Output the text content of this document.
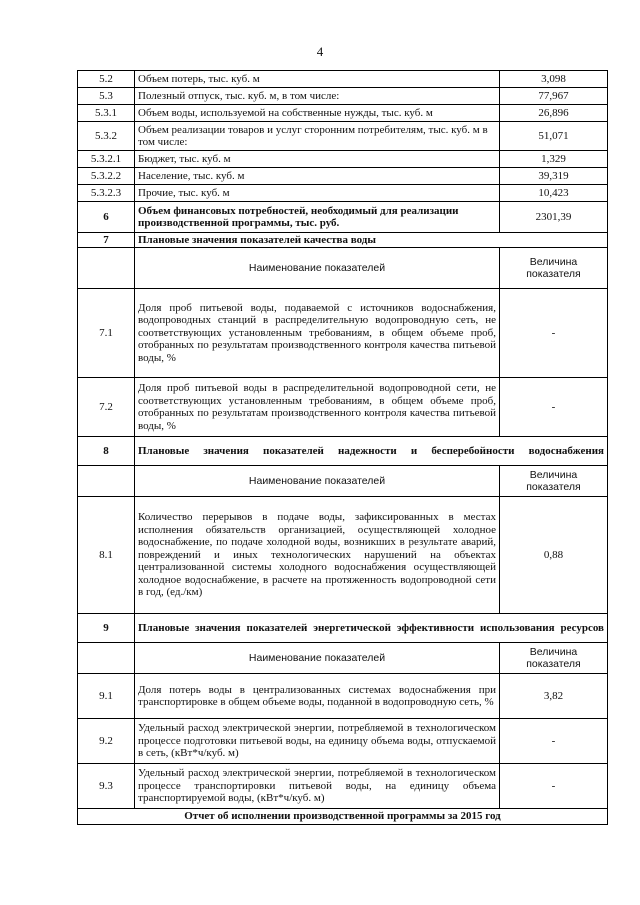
4
5.2	Объем потерь, тыс. куб. м	3,098
5.3	Полезный отпуск, тыс. куб. м, в том числе:	77,967
5.3.1	Объем воды, используемой на собственные нужды, тыс. куб. м	26,896
5.3.2	Объем реализации товаров и услуг сторонним потребителям, тыс. куб. м в том числе:	51,071
5.3.2.1	Бюджет, тыс. куб. м	1,329
5.3.2.2	Население, тыс. куб. м	39,319
5.3.2.3	Прочие, тыс. куб. м	10,423
6	Объем финансовых потребностей, необходимый для реализации производственной программы, тыс. руб.	2301,39
7	Плановые значения показателей качества воды	
	Наименование показателей	Величина показателя
7.1	Доля проб питьевой воды, подаваемой с источников водоснабжения, водопроводных станций в распределительную водопроводную сеть, не соответствующих установленным требованиям, в общем объеме проб, отобранных по результатам производственного контроля качества питьевой воды, %	-
7.2	Доля проб питьевой воды в распределительной водопроводной сети, не соответствующих установленным требованиям, в общем объеме проб, отобранных по результатам производственного контроля качества питьевой воды, %	-
8	Плановые значения показателей надежности и бесперебойности водоснабжения	
	Наименование показателей	Величина показателя
8.1	Количество перерывов в подаче воды, зафиксированных в местах исполнения обязательств организацией, осуществляющей холодное водоснабжение, по подаче холодной воды, возникших в результате аварий, повреждений и иных технологических нарушений на объектах централизованной системы холодного водоснабжения осуществляющей холодное водоснабжение, в расчете на протяженность водопроводной сети в год, (ед./км)	0,88
9	Плановые значения показателей энергетической эффективности использования ресурсов	
	Наименование показателей	Величина показателя
9.1	Доля потерь воды в централизованных системах водоснабжения при транспортировке в общем объеме воды, поданной в водопроводную сеть, %	3,82
9.2	Удельный расход электрической энергии, потребляемой в технологическом процессе подготовки питьевой воды, на единицу объема воды, отпускаемой в сеть, (кВт*ч/куб. м)	-
9.3	Удельный расход электрической энергии, потребляемой в технологическом процессе транспортировки питьевой воды, на единицу объема транспортируемой воды, (кВт*ч/куб. м)	-
Отчет об исполнении производственной программы за 2015 год		
